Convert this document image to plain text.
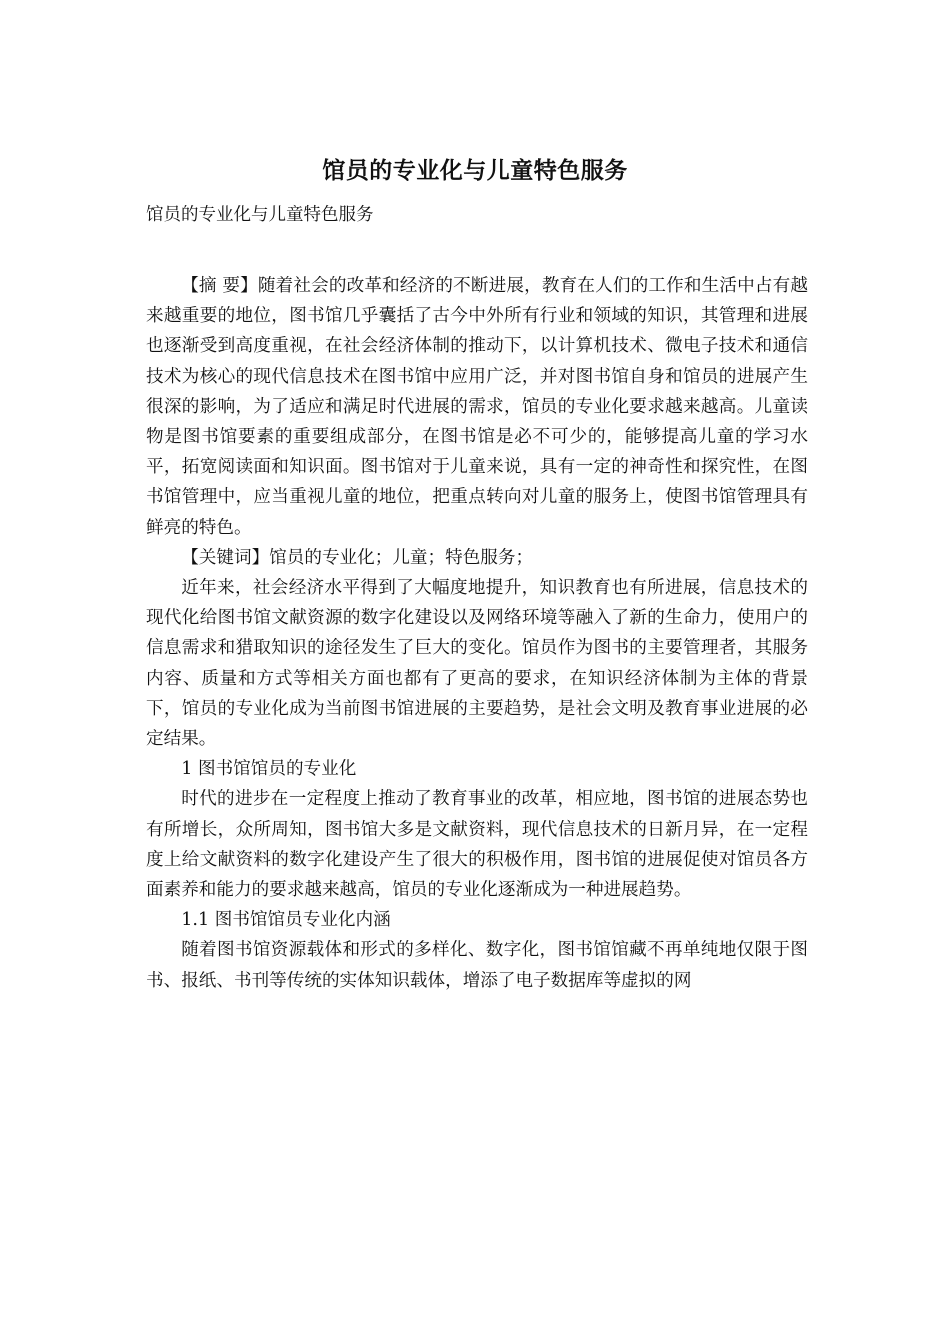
馆员的专业化与儿童特色服务
馆员的专业化与儿童特色服务

【摘 要】随着社会的改革和经济的不断进展，教育在人们的工作和生活中占有越来越重要的地位，图书馆几乎囊括了古今中外所有行业和领域的知识，其管理和进展也逐渐受到高度重视，在社会经济体制的推动下，以计算机技术、微电子技术和通信技术为核心的现代信息技术在图书馆中应用广泛，并对图书馆自身和馆员的进展产生很深的影响，为了适应和满足时代进展的需求，馆员的专业化要求越来越高。儿童读物是图书馆要素的重要组成部分，在图书馆是必不可少的，能够提高儿童的学习水平，拓宽阅读面和知识面。图书馆对于儿童来说，具有一定的神奇性和探究性，在图书馆管理中，应当重视儿童的地位，把重点转向对儿童的服务上，使图书馆管理具有鲜亮的特色。

【关键词】馆员的专业化；儿童；特色服务；

近年来，社会经济水平得到了大幅度地提升，知识教育也有所进展，信息技术的现代化给图书馆文献资源的数字化建设以及网络环境等融入了新的生命力，使用户的信息需求和猎取知识的途径发生了巨大的变化。馆员作为图书的主要管理者，其服务内容、质量和方式等相关方面也都有了更高的要求，在知识经济体制为主体的背景下，馆员的专业化成为当前图书馆进展的主要趋势，是社会文明及教育事业进展的必定结果。

1 图书馆馆员的专业化

时代的进步在一定程度上推动了教育事业的改革，相应地，图书馆的进展态势也有所增长，众所周知，图书馆大多是文献资料，现代信息技术的日新月异，在一定程度上给文献资料的数字化建设产生了很大的积极作用，图书馆的进展促使对馆员各方面素养和能力的要求越来越高，馆员的专业化逐渐成为一种进展趋势。

1.1 图书馆馆员专业化内涵

随着图书馆资源载体和形式的多样化、数字化，图书馆馆藏不再单纯地仅限于图书、报纸、书刊等传统的实体知识载体，增添了电子数据库等虚拟的网
